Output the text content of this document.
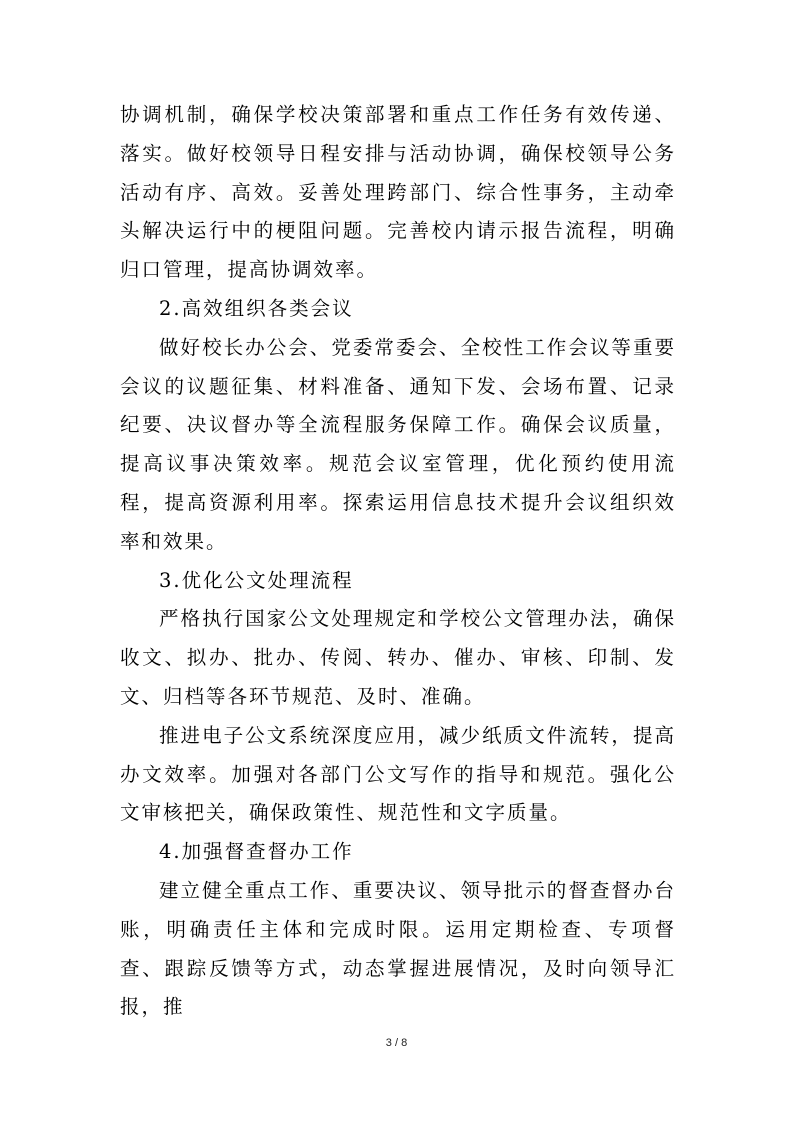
协调机制，确保学校决策部署和重点工作任务有效传递、落实。做好校领导日程安排与活动协调，确保校领导公务活动有序、高效。妥善处理跨部门、综合性事务，主动牵头解决运行中的梗阻问题。完善校内请示报告流程，明确归口管理，提高协调效率。

2.高效组织各类会议

做好校长办公会、党委常委会、全校性工作会议等重要会议的议题征集、材料准备、通知下发、会场布置、记录纪要、决议督办等全流程服务保障工作。确保会议质量，提高议事决策效率。规范会议室管理，优化预约使用流程，提高资源利用率。探索运用信息技术提升会议组织效率和效果。

3.优化公文处理流程

严格执行国家公文处理规定和学校公文管理办法，确保收文、拟办、批办、传阅、转办、催办、审核、印制、发文、归档等各环节规范、及时、准确。

推进电子公文系统深度应用，减少纸质文件流转，提高办文效率。加强对各部门公文写作的指导和规范。强化公文审核把关，确保政策性、规范性和文字质量。

4.加强督查督办工作

建立健全重点工作、重要决议、领导批示的督查督办台账，明确责任主体和完成时限。运用定期检查、专项督查、跟踪反馈等方式，动态掌握进展情况，及时向领导汇报，推

3 / 8
